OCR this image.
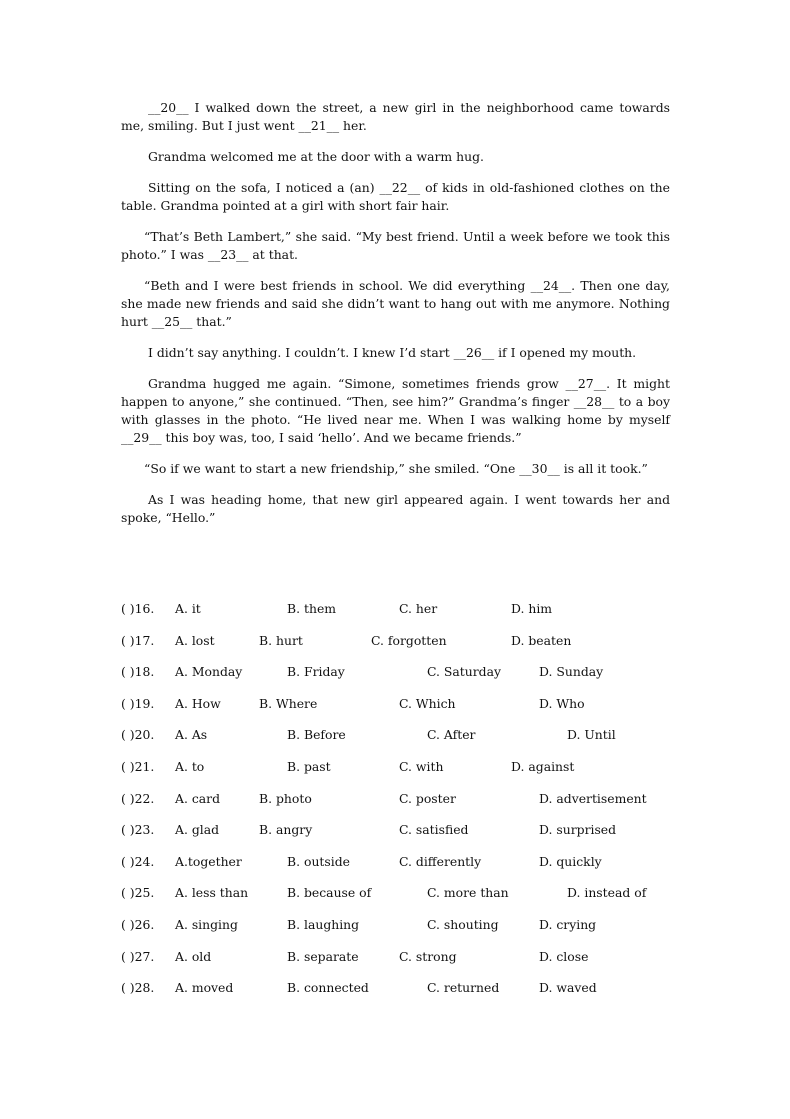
__20__ I walked down the street, a new girl in the neighborhood came towards me, smiling. But I just went __21__ her.

Grandma welcomed me at the door with a warm hug.

Sitting on the sofa, I noticed a (an) __22__ of kids in old-fashioned clothes on the table. Grandma pointed at a girl with short fair hair.

“That’s Beth Lambert,” she said. “My best friend. Until a week before we took this photo.” I was __23__ at that.

“Beth and I were best friends in school. We did everything __24__. Then one day, she made new friends and said she didn’t want to hang out with me anymore. Nothing hurt __25__ that.”

I didn’t say anything. I couldn’t. I knew I’d start __26__ if I opened my mouth.

Grandma hugged me again. “Simone, sometimes friends grow __27__. It might happen to anyone,” she continued. “Then, see him?” Grandma’s finger __28__ to a boy with glasses in the photo. “He lived near me. When I was walking home by myself __29__ this boy was, too, I said ‘hello’. And we became friends.”

“So if we want to start a new friendship,” she smiled. “One __30__ is all it took.”

As I was heading home, that new girl appeared again. I went towards her and spoke, “Hello.”

( )16. A. it	B. them	C. her	D. him
( )17. A. lost	B. hurt	C. forgotten	D. beaten
( )18. A. Monday	B. Friday	C. Saturday	D. Sunday
( )19. A. How	B. Where	C. Which	D. Who
( )20. A. As	B. Before	C. After	D. Until
( )21. A. to	B. past	C. with	D. against
( )22. A. card	B. photo	C. poster	D. advertisement
( )23. A. glad	B. angry	C. satisfied	D. surprised
( )24. A.together	B. outside	C. differently	D. quickly
( )25. A. less than	B. because of	C. more than	D. instead of
( )26. A. singing	B. laughing	C. shouting	D. crying
( )27. A. old	B. separate	C. strong	D. close
( )28. A. moved	B. connected	C. returned	D. waved
